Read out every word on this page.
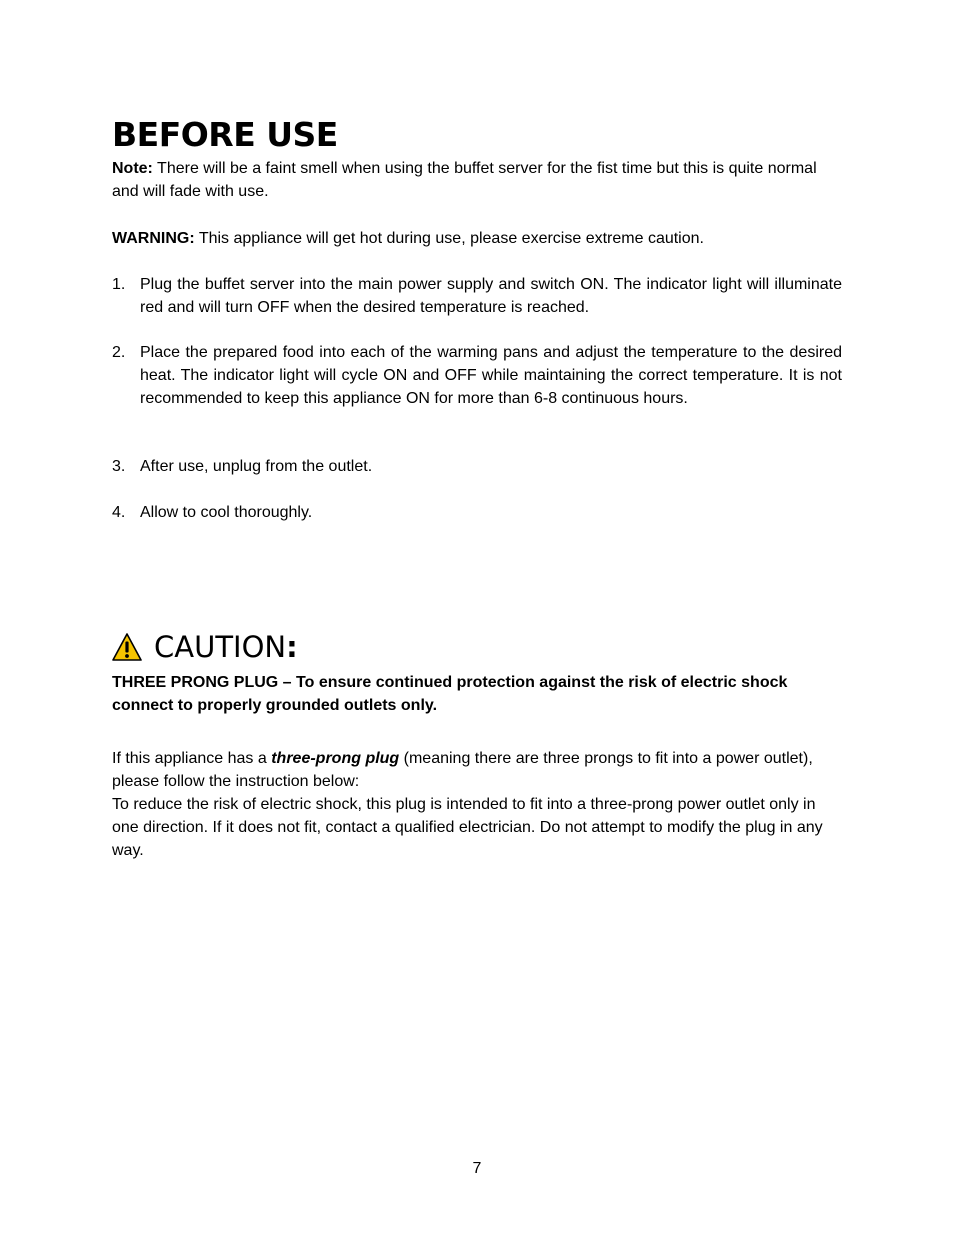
BEFORE USE

Note: There will be a faint smell when using the buffet server for the fist time but this is quite normal and will fade with use.

WARNING: This appliance will get hot during use, please exercise extreme caution.

1. Plug the buffet server into the main power supply and switch ON. The indicator light will illuminate red and will turn OFF when the desired temperature is reached.

2. Place the prepared food into each of the warming pans and adjust the temperature to the desired heat. The indicator light will cycle ON and OFF while maintaining the correct temperature. It is not recommended to keep this appliance ON for more than 6-8 continuous hours.

3. After use, unplug from the outlet.

4. Allow to cool thoroughly.

CAUTION:

THREE PRONG PLUG – To ensure continued protection against the risk of electric shock connect to properly grounded outlets only.

If this appliance has a three-prong plug (meaning there are three prongs to fit into a power outlet), please follow the instruction below:

To reduce the risk of electric shock, this plug is intended to fit into a three-prong power outlet only in one direction. If it does not fit, contact a qualified electrician. Do not attempt to modify the plug in any way.

7
